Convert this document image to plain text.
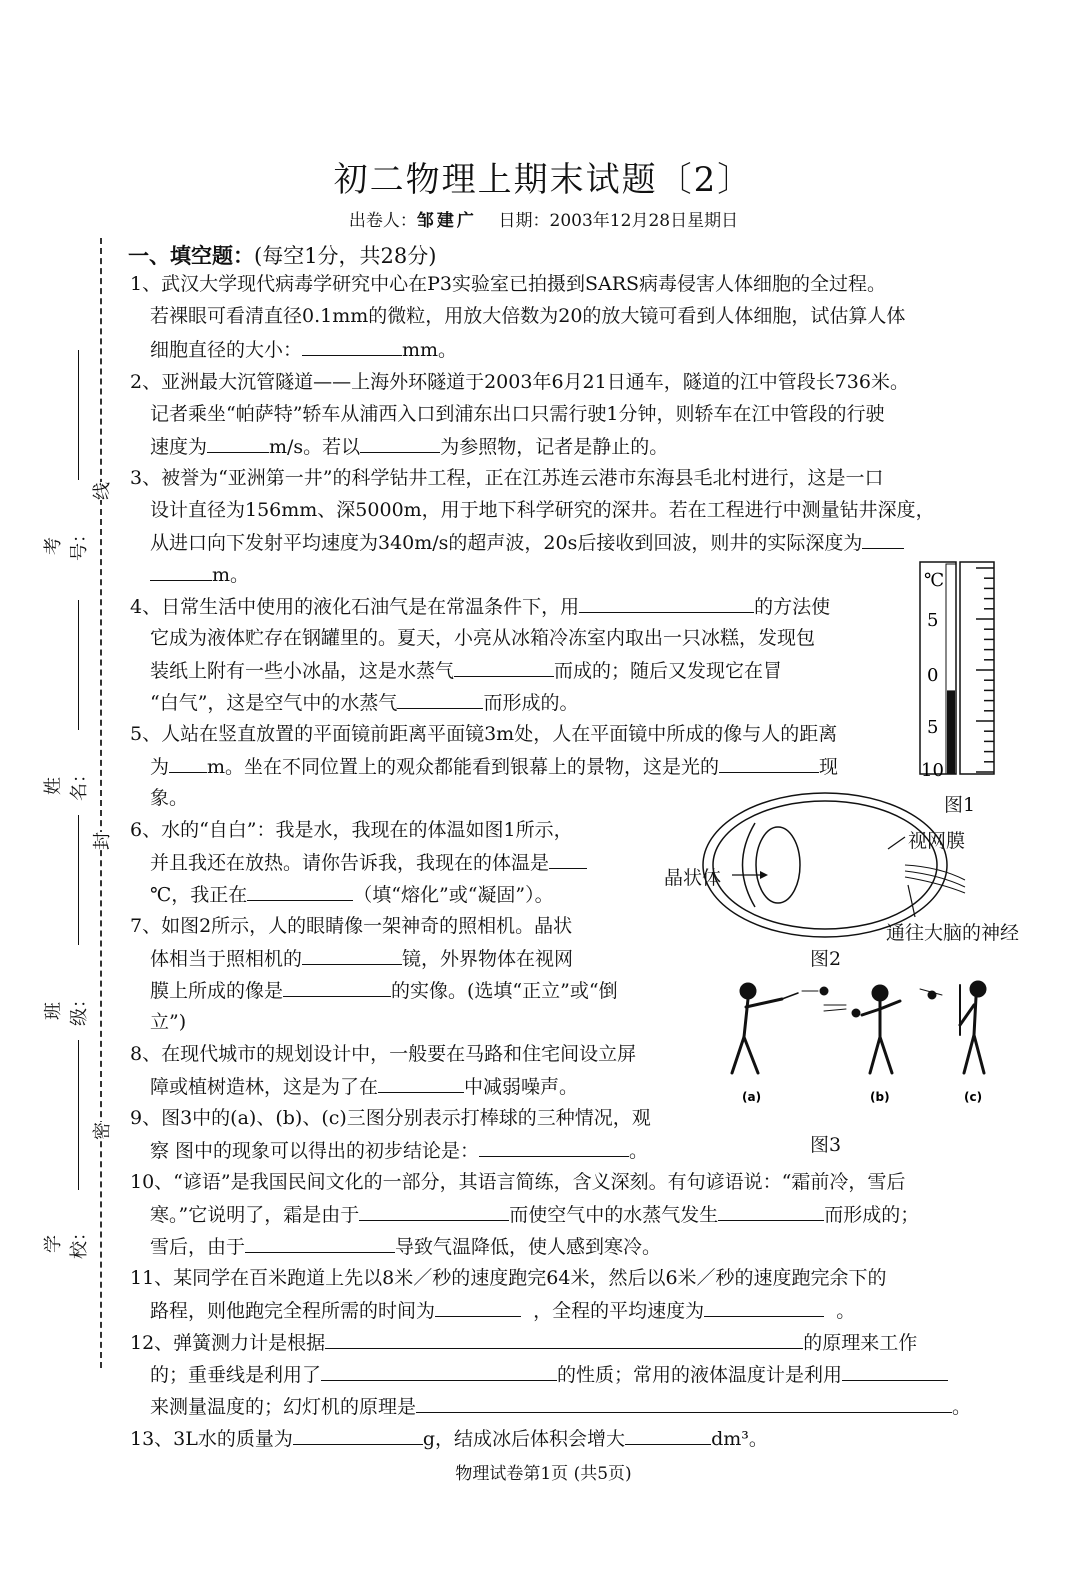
初二物理上期末试题〔2〕
出卷人：邹建广 日期：2003年12月28日星期日
一、填空题：(每空1分，共28分)
线
封
密
考号：
姓名：
班级：
学校：
1、武汉大学现代病毒学研究中心在P3实验室已拍摄到SARS病毒侵害人体细胞的全过程。
若裸眼可看清直径0.1mm的微粒，用放大倍数为20的放大镜可看到人体细胞，试估算人体
细胞直径的大小：	mm。
2、亚洲最大沉管隧道——上海外环隧道于2003年6月21日通车，隧道的江中管段长736米。
记者乘坐“帕萨特”轿车从浦西入口到浦东出口只需行驶1分钟，则轿车在江中管段的行驶
速度为	m/s。若以	为参照物，记者是静止的。
3、被誉为“亚洲第一井”的科学钻井工程，正在江苏连云港市东海县毛北村进行，这是一口
设计直径为156mm、深5000m，用于地下科学研究的深井。若在工程进行中测量钻井深度，
从进口向下发射平均速度为340m/s的超声波，20s后接收到回波，则井的实际深度为
m。
4、日常生活中使用的液化石油气是在常温条件下，用	的方法使
它成为液体贮存在钢罐里的。夏天，小亮从冰箱冷冻室内取出一只冰糕，发现包
装纸上附有一些小冰晶，这是水蒸气	而成的；随后又发现它在冒
“白气”，这是空气中的水蒸气	而形成的。
5、人站在竖直放置的平面镜前距离平面镜3m处，人在平面镜中所成的像与人的距离
为 m。坐在不同位置上的观众都能看到银幕上的景物，这是光的	现
象。
6、水的“自白”：我是水，我现在的体温如图1所示，
并且我还在放热。请你告诉我，我现在的体温是
℃，我正在	（填“熔化”或“凝固”）。
7、如图2所示，人的眼睛像一架神奇的照相机。晶状
体相当于照相机的	镜，外界物体在视网
膜上所成的像是	的实像。(选填“正立”或“倒
立”)
8、在现代城市的规划设计中，一般要在马路和住宅间设立屏
障或植树造林，这是为了在	中减弱噪声。
9、图3中的(a)、(b)、(c)三图分别表示打棒球的三种情况，观
察 图中的现象可以得出的初步结论是：	。
10、“谚语”是我国民间文化的一部分，其语言简练，含义深刻。有句谚语说：“霜前冷，雪后
寒。”它说明了，霜是由于	而使空气中的水蒸气发生	而形成的；
雪后，由于	导致气温降低，使人感到寒冷。
11、某同学在百米跑道上先以8米／秒的速度跑完64米，然后以6米／秒的速度跑完余下的
路程，则他跑完全程所需的时间为	，全程的平均速度为	。
12、弹簧测力计是根据	的原理来工作
的；重垂线是利用了	的性质；常用的液体温度计是利用
来测量温度的；幻灯机的原理是	。
13、3L水的质量为	g，结成冰后体积会增大	dm³。
℃
5
0
5
10
图1
晶状体
视网膜
通往大脑的神经
图2
(a)	(b)	(c)
图3
物理试卷第1页 (共5页)
